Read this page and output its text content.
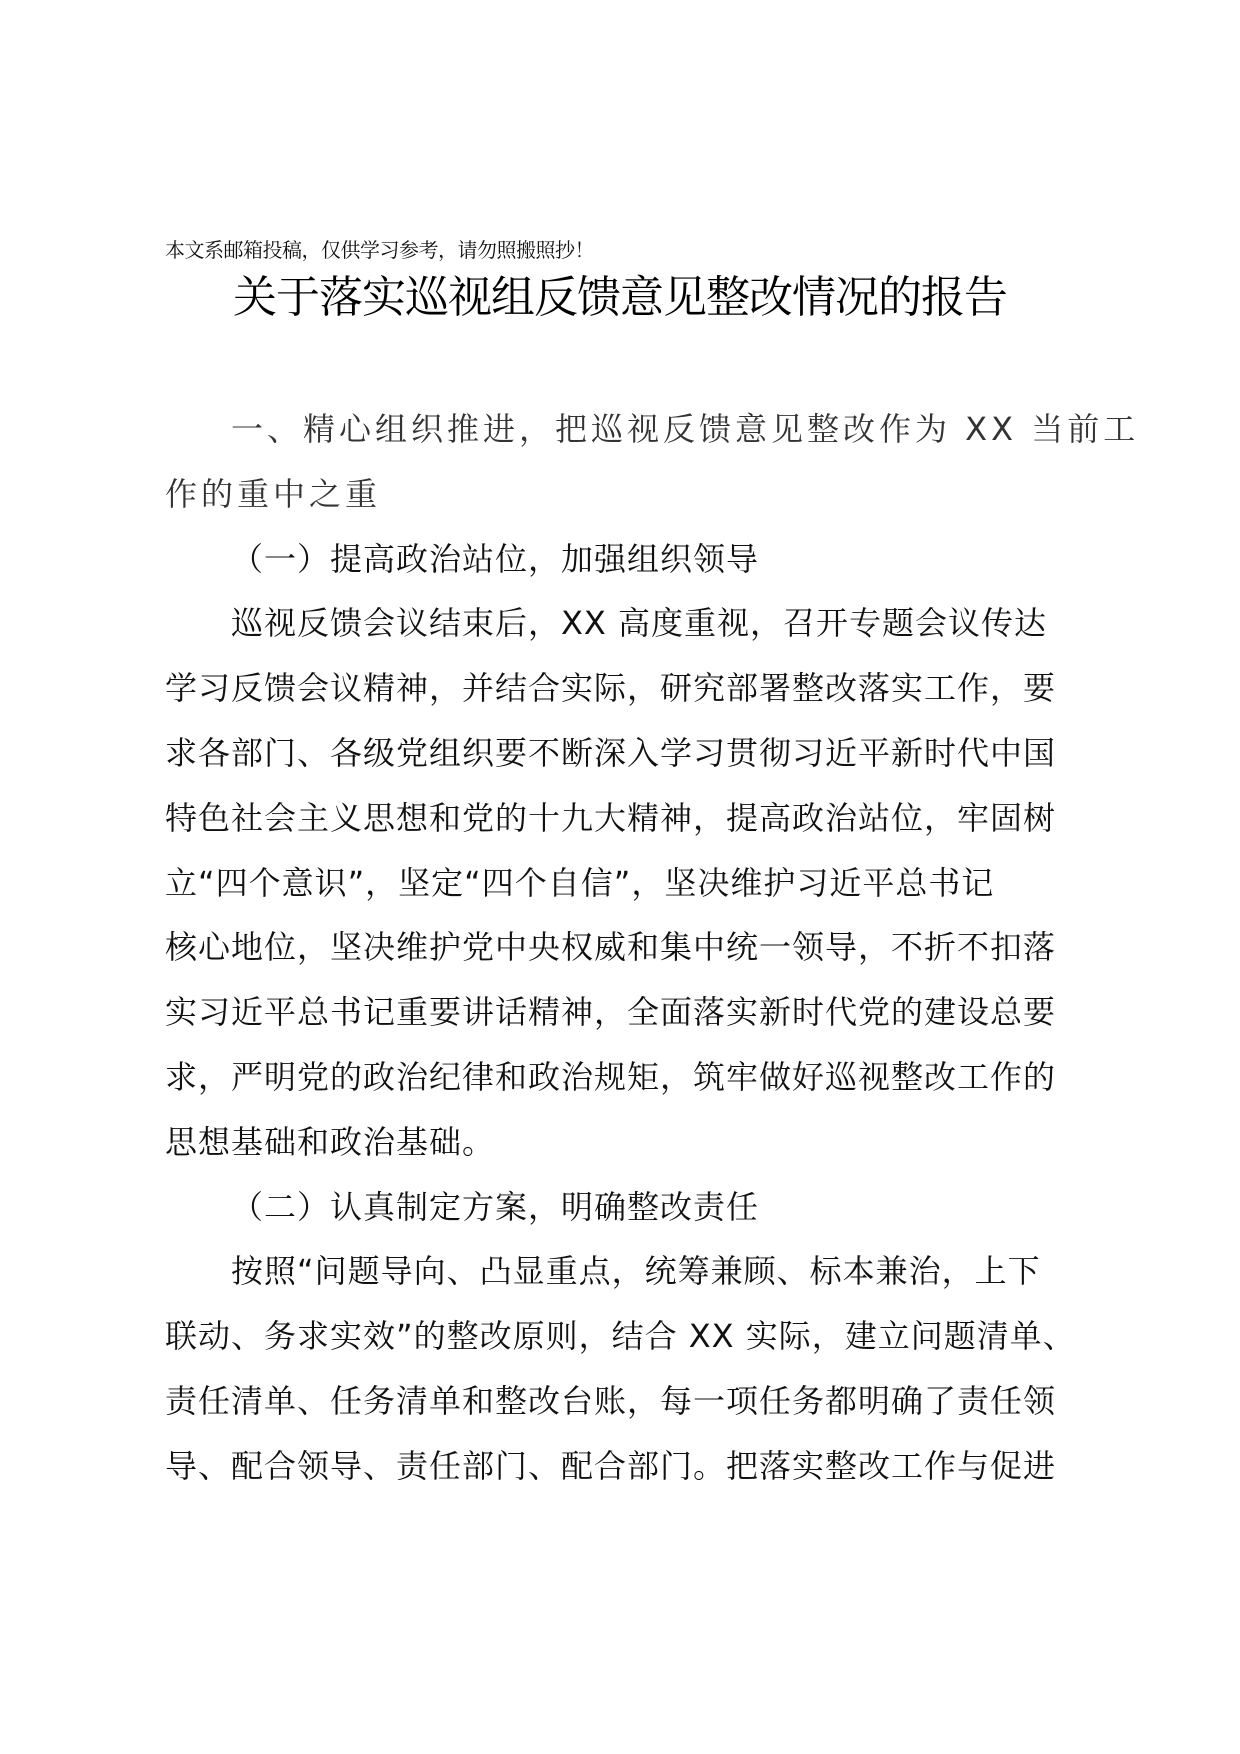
本文系邮箱投稿，仅供学习参考，请勿照搬照抄！
关于落实巡视组反馈意见整改情况的报告
一、精心组织推进，把巡视反馈意见整改作为 XX 当前工
作的重中之重
（一）提高政治站位，加强组织领导
巡视反馈会议结束后，XX 高度重视，召开专题会议传达
学习反馈会议精神，并结合实际，研究部署整改落实工作，要
求各部门、各级党组织要不断深入学习贯彻习近平新时代中国
特色社会主义思想和党的十九大精神，提高政治站位，牢固树
立“四个意识”，坚定“四个自信”，坚决维护习近平总书记
核心地位，坚决维护党中央权威和集中统一领导，不折不扣落
实习近平总书记重要讲话精神，全面落实新时代党的建设总要
求，严明党的政治纪律和政治规矩，筑牢做好巡视整改工作的
思想基础和政治基础。
（二）认真制定方案，明确整改责任
按照“问题导向、凸显重点，统筹兼顾、标本兼治，上下
联动、务求实效”的整改原则，结合 XX 实际，建立问题清单、
责任清单、任务清单和整改台账，每一项任务都明确了责任领
导、配合领导、责任部门、配合部门。把落实整改工作与促进
